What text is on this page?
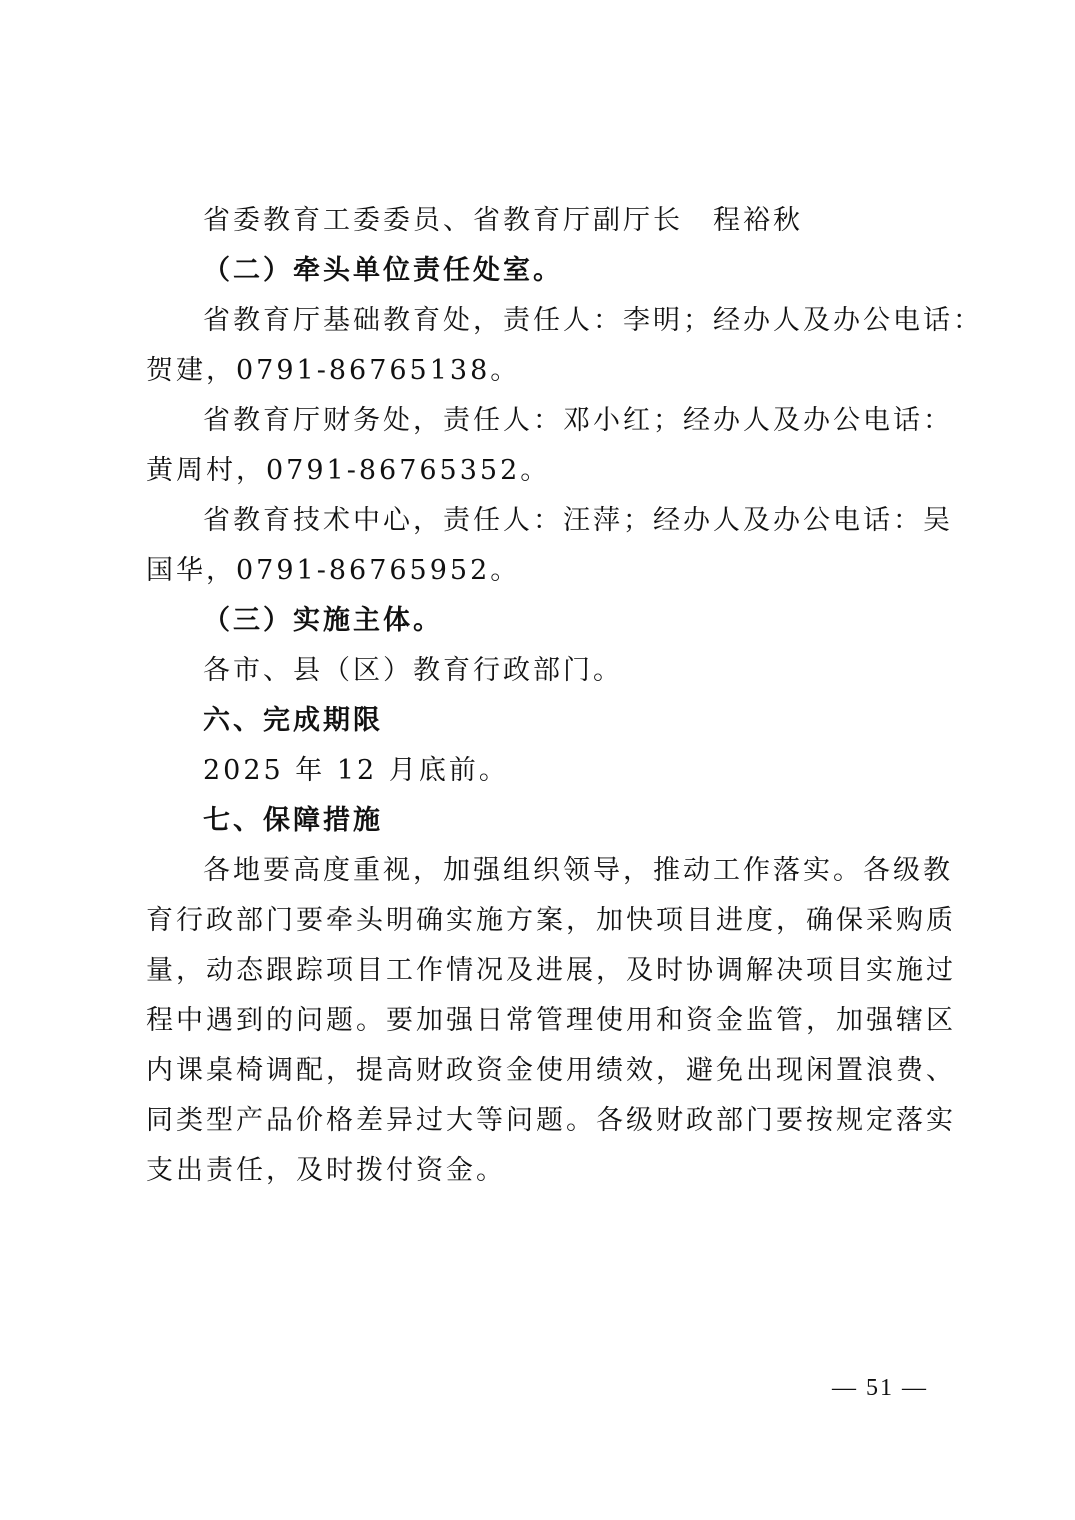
省委教育工委委员、省教育厅副厅长　程裕秋

（二）牵头单位责任处室。

省教育厅基础教育处，责任人：李明；经办人及办公电话：

贺建，0791-86765138。

省教育厅财务处，责任人：邓小红；经办人及办公电话：

黄周村，0791-86765352。

省教育技术中心，责任人：汪萍；经办人及办公电话：吴

国华，0791-86765952。

（三）实施主体。

各市、县（区）教育行政部门。

六、完成期限

2025 年 12 月底前。

七、保障措施

各地要高度重视，加强组织领导，推动工作落实。各级教

育行政部门要牵头明确实施方案，加快项目进度，确保采购质

量，动态跟踪项目工作情况及进展，及时协调解决项目实施过

程中遇到的问题。要加强日常管理使用和资金监管，加强辖区

内课桌椅调配，提高财政资金使用绩效，避免出现闲置浪费、

同类型产品价格差异过大等问题。各级财政部门要按规定落实

支出责任，及时拨付资金。

— 51 —
